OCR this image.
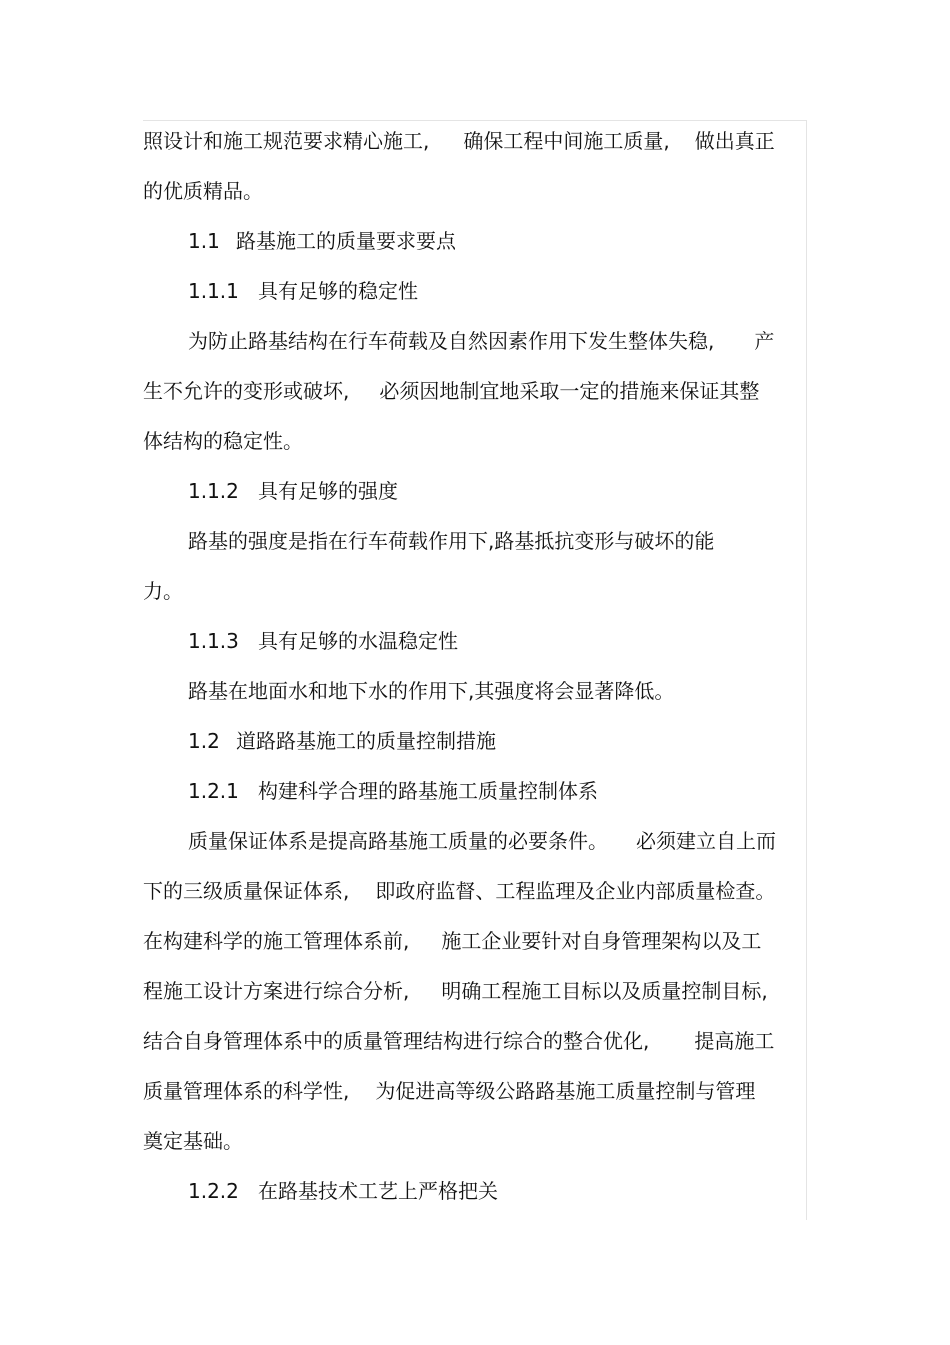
照设计和施工规范要求精心施工, 确保工程中间施工质量, 做出真正
的优质精品。
1.1 路基施工的质量要求要点
1.1.1 具有足够的稳定性
为防止路基结构在行车荷载及自然因素作用下发生整体失稳, 产
生不允许的变形或破坏, 必须因地制宜地采取一定的措施来保证其整
体结构的稳定性。
1.1.2 具有足够的强度
路基的强度是指在行车荷载作用下,路基抵抗变形与破坏的能
力。
1.1.3 具有足够的水温稳定性
路基在地面水和地下水的作用下,其强度将会显著降低。
1.2 道路路基施工的质量控制措施
1.2.1 构建科学合理的路基施工质量控制体系
质量保证体系是提高路基施工质量的必要条件。 必须建立自上而
下的三级质量保证体系, 即政府监督、工程监理及企业内部质量检查。
在构建科学的施工管理体系前, 施工企业要针对自身管理架构以及工
程施工设计方案进行综合分析, 明确工程施工目标以及质量控制目标,
结合自身管理体系中的质量管理结构进行综合的整合优化, 提高施工
质量管理体系的科学性, 为促进高等级公路路基施工质量控制与管理
奠定基础。
1.2.2 在路基技术工艺上严格把关
